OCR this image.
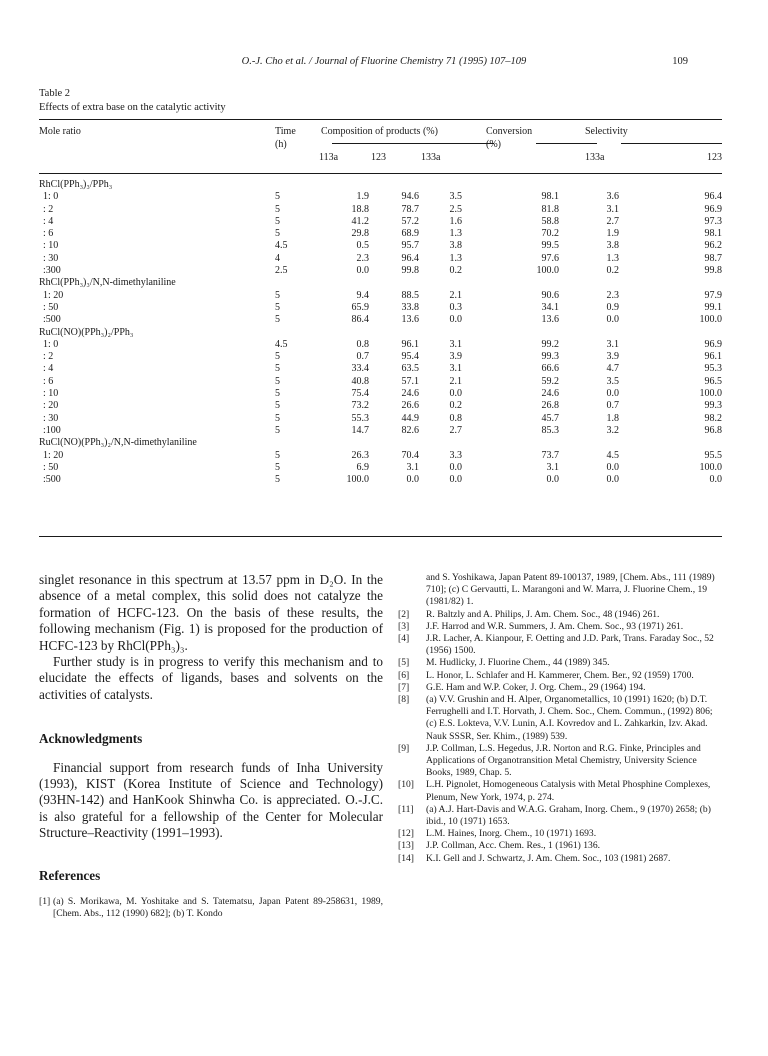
O.-J. Cho et al. / Journal of Fluorine Chemistry 71 (1995) 107–109	109
Table 2
Effects of extra base on the catalytic activity
Mole ratio	Time	Composition of products (%)			Conversion	Selectivity	
	(h)				(%)		
		113a	123	133a		133a	123

RhCl(PPh₃)₃/PPh₃							
1: 0	5	1.9	94.6	3.5	98.1	3.6	96.4
: 2	5	18.8	78.7	2.5	81.8	3.1	96.9
: 4	5	41.2	57.2	1.6	58.8	2.7	97.3
: 6	5	29.8	68.9	1.3	70.2	1.9	98.1
: 10	4.5	0.5	95.7	3.8	99.5	3.8	96.2
: 30	4	2.3	96.4	1.3	97.6	1.3	98.7
:300	2.5	0.0	99.8	0.2	100.0	0.2	99.8
RhCl(PPh₃)₃/N,N-dimethylaniline							
1: 20	5	9.4	88.5	2.1	90.6	2.3	97.9
: 50	5	65.9	33.8	0.3	34.1	0.9	99.1
:500	5	86.4	13.6	0.0	13.6	0.0	100.0
RuCl(NO)(PPh₃)₂/PPh₃							
1: 0	4.5	0.8	96.1	3.1	99.2	3.1	96.9
: 2	5	0.7	95.4	3.9	99.3	3.9	96.1
: 4	5	33.4	63.5	3.1	66.6	4.7	95.3
: 6	5	40.8	57.1	2.1	59.2	3.5	96.5
: 10	5	75.4	24.6	0.0	24.6	0.0	100.0
: 20	5	73.2	26.6	0.2	26.8	0.7	99.3
: 30	5	55.3	44.9	0.8	45.7	1.8	98.2
:100	5	14.7	82.6	2.7	85.3	3.2	96.8
RuCl(NO)(PPh₃)₂/N,N-dimethylaniline							
1: 20	5	26.3	70.4	3.3	73.7	4.5	95.5
: 50	5	6.9	3.1	0.0	3.1	0.0	100.0
:500	5	100.0	0.0	0.0	0.0	0.0	0.0

singlet resonance in this spectrum at 13.57 ppm in D₂O. In the absence of a metal complex, this solid does not catalyze the formation of HCFC-123. On the basis of these results, the following mechanism (Fig. 1) is proposed for the production of HCFC-123 by RhCl(PPh₃)₃.

Further study is in progress to verify this mechanism and to elucidate the effects of ligands, bases and solvents on the activities of catalysts.

Acknowledgments

Financial support from research funds of Inha University (1993), KIST (Korea Institute of Science and Technology) (93HN-142) and HanKook Shinwha Co. is appreciated. O.-J.C. is also grateful for a fellowship of the Center for Molecular Structure–Reactivity (1991–1993).

References
[1] (a) S. Morikawa, M. Yoshitake and S. Tatematsu, Japan Patent 89-258631, 1989, [Chem. Abs., 112 (1990) 682]; (b) T. Kondo
and S. Yoshikawa, Japan Patent 89-100137, 1989, [Chem. Abs., 111 (1989) 710]; (c) C Gervautti, L. Marangoni and W. Marra, J. Fluorine Chem., 19 (1981/82) 1.
[2] R. Baltzly and A. Philips, J. Am. Chem. Soc., 48 (1946) 261.
[3] J.F. Harrod and W.R. Summers, J. Am. Chem. Soc., 93 (1971) 261.
[4] J.R. Lacher, A. Kianpour, F. Oetting and J.D. Park, Trans. Faraday Soc., 52 (1956) 1500.
[5] M. Hudlicky, J. Fluorine Chem., 44 (1989) 345.
[6] L. Honor, L. Schlafer and H. Kammerer, Chem. Ber., 92 (1959) 1700.
[7] G.E. Ham and W.P. Coker, J. Org. Chem., 29 (1964) 194.
[8] (a) V.V. Grushin and H. Alper, Organometallics, 10 (1991) 1620; (b) D.T. Ferrughelli and I.T. Horvath, J. Chem. Soc., Chem. Commun., (1992) 806; (c) E.S. Lokteva, V.V. Lunin, A.I. Kovredov and L. Zahkarkin, Izv. Akad. Nauk SSSR, Ser. Khim., (1989) 539.
[9] J.P. Collman, L.S. Hegedus, J.R. Norton and R.G. Finke, Principles and Applications of Organotransition Metal Chemistry, University Science Books, 1989, Chap. 5.
[10] L.H. Pignolet, Homogeneous Catalysis with Metal Phosphine Complexes, Plenum, New York, 1974, p. 274.
[11] (a) A.J. Hart-Davis and W.A.G. Graham, Inorg. Chem., 9 (1970) 2658; (b) ibid., 10 (1971) 1653.
[12] L.M. Haines, Inorg. Chem., 10 (1971) 1693.
[13] J.P. Collman, Acc. Chem. Res., 1 (1961) 136.
[14] K.I. Gell and J. Schwartz, J. Am. Chem. Soc., 103 (1981) 2687.
